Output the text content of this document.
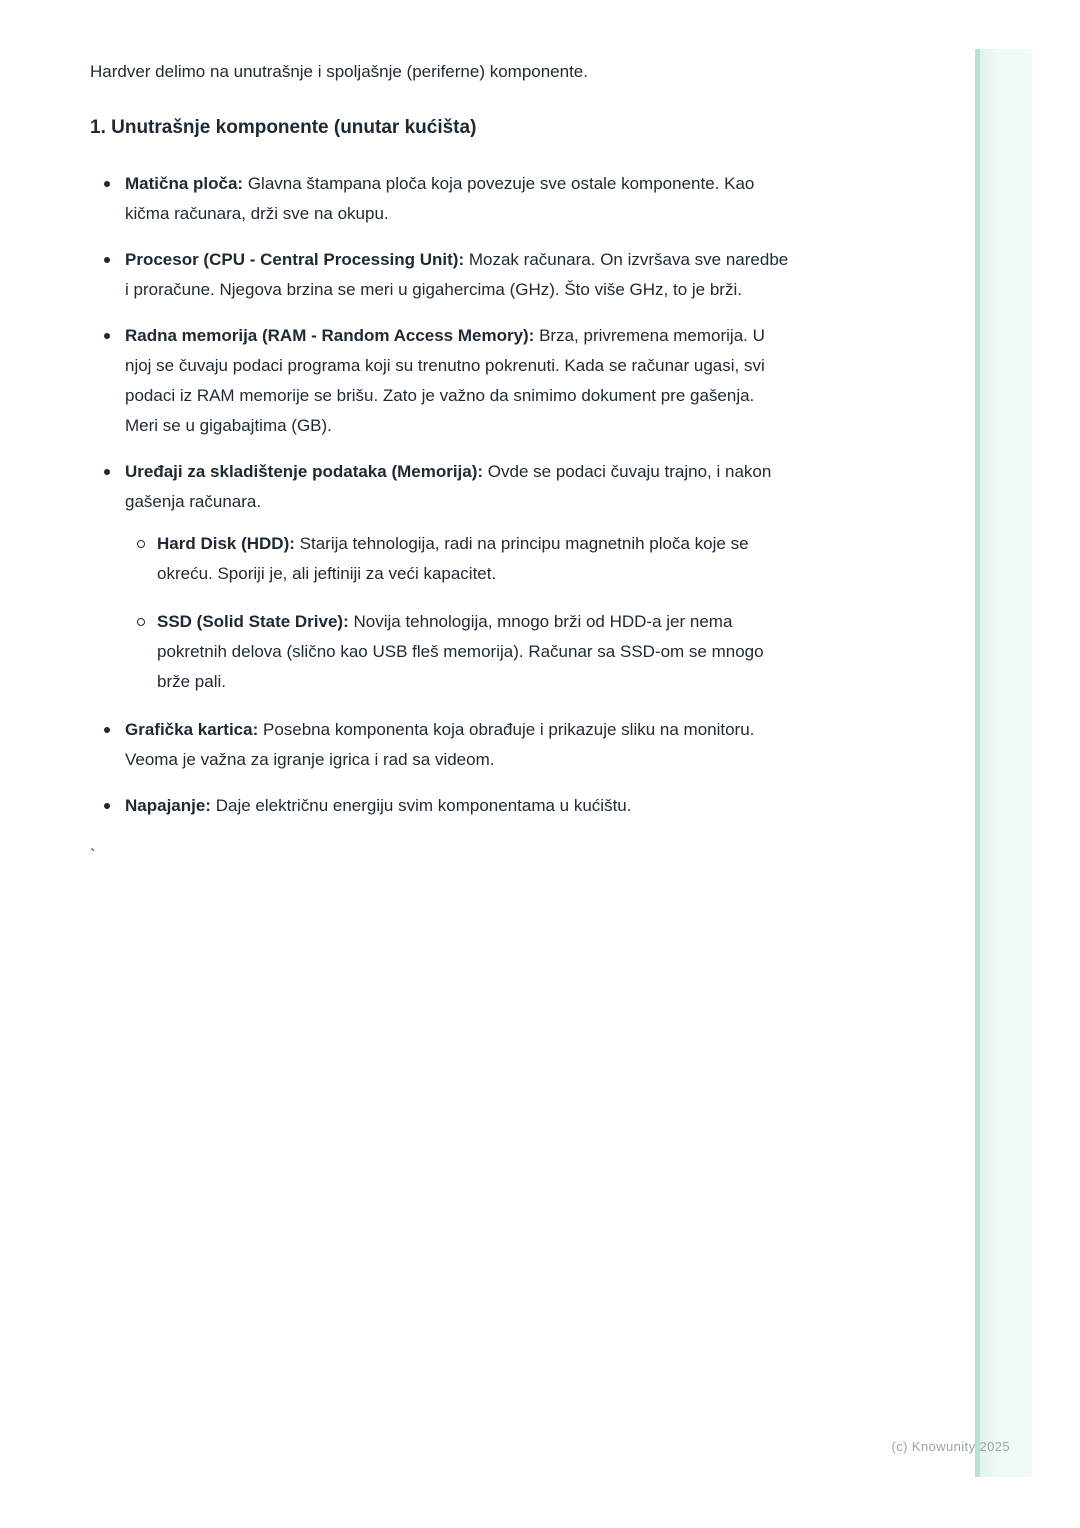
Hardver delimo na unutrašnje i spoljašnje (periferne) komponente.

1. Unutrašnje komponente (unutar kućišta)
Matična ploča: Glavna štampana ploča koja povezuje sve ostale komponente. Kao kičma računara, drži sve na okupu.
Procesor (CPU - Central Processing Unit): Mozak računara. On izvršava sve naredbe i proračune. Njegova brzina se meri u gigahercima (GHz). Što više GHz, to je brži.
Radna memorija (RAM - Random Access Memory): Brza, privremena memorija. U njoj se čuvaju podaci programa koji su trenutno pokrenuti. Kada se računar ugasi, svi podaci iz RAM memorije se brišu. Zato je važno da snimimo dokument pre gašenja. Meri se u gigabajtima (GB).
Uređaji za skladištenje podataka (Memorija): Ovde se podaci čuvaju trajno, i nakon gašenja računara.
Hard Disk (HDD): Starija tehnologija, radi na principu magnetnih ploča koje se okreću. Sporiji je, ali jeftiniji za veći kapacitet.
SSD (Solid State Drive): Novija tehnologija, mnogo brži od HDD-a jer nema pokretnih delova (slično kao USB fleš memorija). Računar sa SSD-om se mnogo brže pali.
Grafička kartica: Posebna komponenta koja obrađuje i prikazuje sliku na monitoru. Veoma je važna za igranje igrica i rad sa videom.
Napajanje: Daje električnu energiju svim komponentama u kućištu.
`
(c) Knowunity 2025
